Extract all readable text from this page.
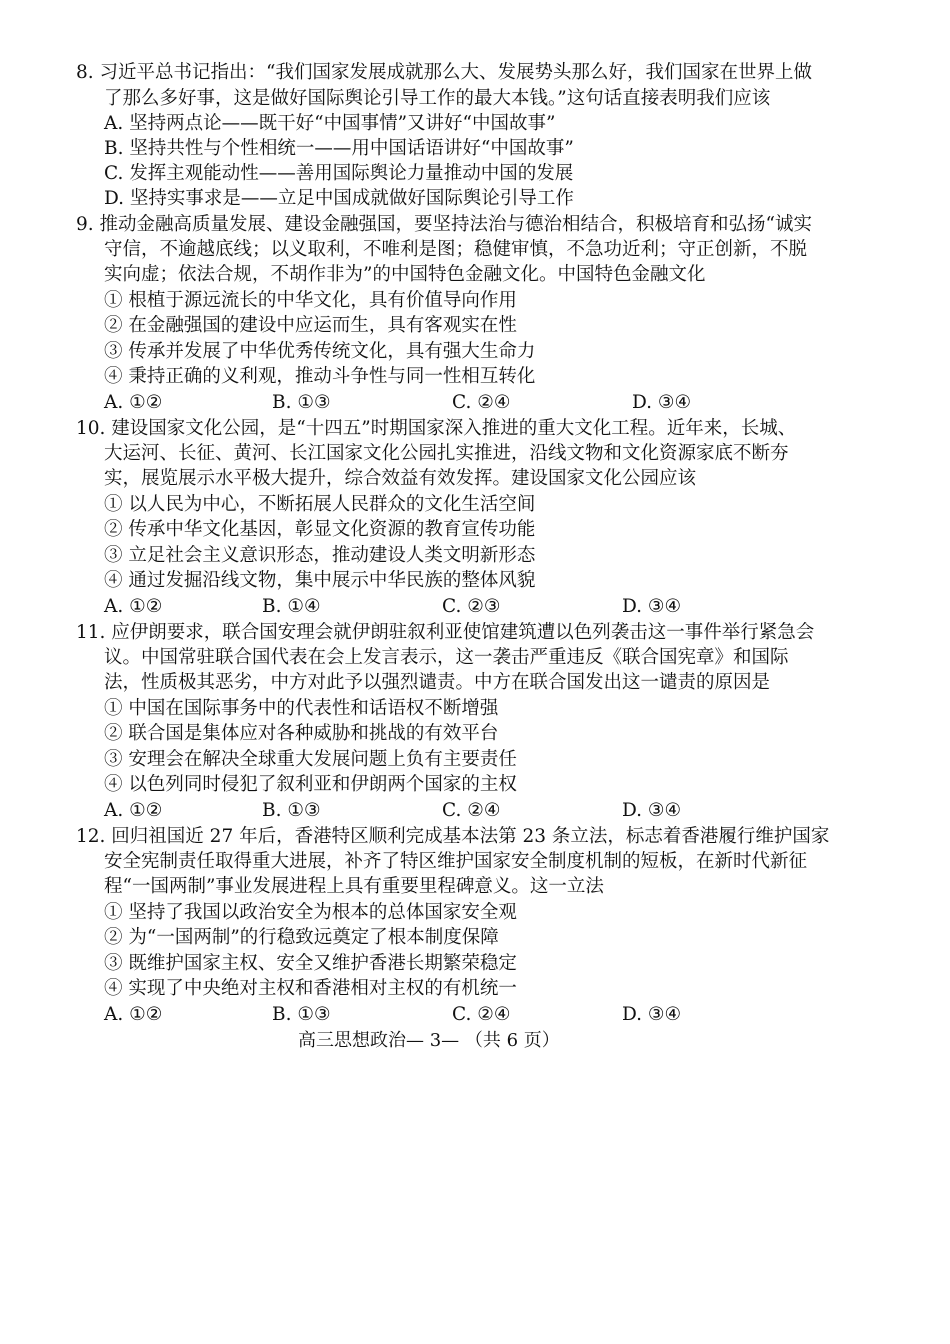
8. 习近平总书记指出：“我们国家发展成就那么大、发展势头那么好，我们国家在世界上做
了那么多好事，这是做好国际舆论引导工作的最大本钱。”这句话直接表明我们应该
A. 坚持两点论——既干好“中国事情”又讲好“中国故事”
B. 坚持共性与个性相统一——用中国话语讲好“中国故事”
C. 发挥主观能动性——善用国际舆论力量推动中国的发展
D. 坚持实事求是——立足中国成就做好国际舆论引导工作
9. 推动金融高质量发展、建设金融强国，要坚持法治与德治相结合，积极培育和弘扬“诚实
守信，不逾越底线；以义取利，不唯利是图；稳健审慎，不急功近利；守正创新，不脱
实向虚；依法合规，不胡作非为”的中国特色金融文化。中国特色金融文化
① 根植于源远流长的中华文化，具有价值导向作用
② 在金融强国的建设中应运而生，具有客观实在性
③ 传承并发展了中华优秀传统文化，具有强大生命力
④ 秉持正确的义利观，推动斗争性与同一性相互转化
A. ①②	B. ①③	C. ②④	D. ③④
10. 建设国家文化公园，是“十四五”时期国家深入推进的重大文化工程。近年来，长城、
大运河、长征、黄河、长江国家文化公园扎实推进，沿线文物和文化资源家底不断夯
实，展览展示水平极大提升，综合效益有效发挥。建设国家文化公园应该
① 以人民为中心，不断拓展人民群众的文化生活空间
② 传承中华文化基因，彰显文化资源的教育宣传功能
③ 立足社会主义意识形态，推动建设人类文明新形态
④ 通过发掘沿线文物，集中展示中华民族的整体风貌
A. ①②	B. ①④	C. ②③	D. ③④
11. 应伊朗要求，联合国安理会就伊朗驻叙利亚使馆建筑遭以色列袭击这一事件举行紧急会
议。中国常驻联合国代表在会上发言表示，这一袭击严重违反《联合国宪章》和国际
法，性质极其恶劣，中方对此予以强烈谴责。中方在联合国发出这一谴责的原因是
① 中国在国际事务中的代表性和话语权不断增强
② 联合国是集体应对各种威胁和挑战的有效平台
③ 安理会在解决全球重大发展问题上负有主要责任
④ 以色列同时侵犯了叙利亚和伊朗两个国家的主权
A. ①②	B. ①③	C. ②④	D. ③④
12. 回归祖国近 27 年后，香港特区顺利完成基本法第 23 条立法，标志着香港履行维护国家
安全宪制责任取得重大进展，补齐了特区维护国家安全制度机制的短板，在新时代新征
程“一国两制”事业发展进程上具有重要里程碑意义。这一立法
① 坚持了我国以政治安全为根本的总体国家安全观
② 为“一国两制”的行稳致远奠定了根本制度保障
③ 既维护国家主权、安全又维护香港长期繁荣稳定
④ 实现了中央绝对主权和香港相对主权的有机统一
A. ①②	B. ①③	C. ②④	D. ③④
高三思想政治— 3— （共 6 页）
